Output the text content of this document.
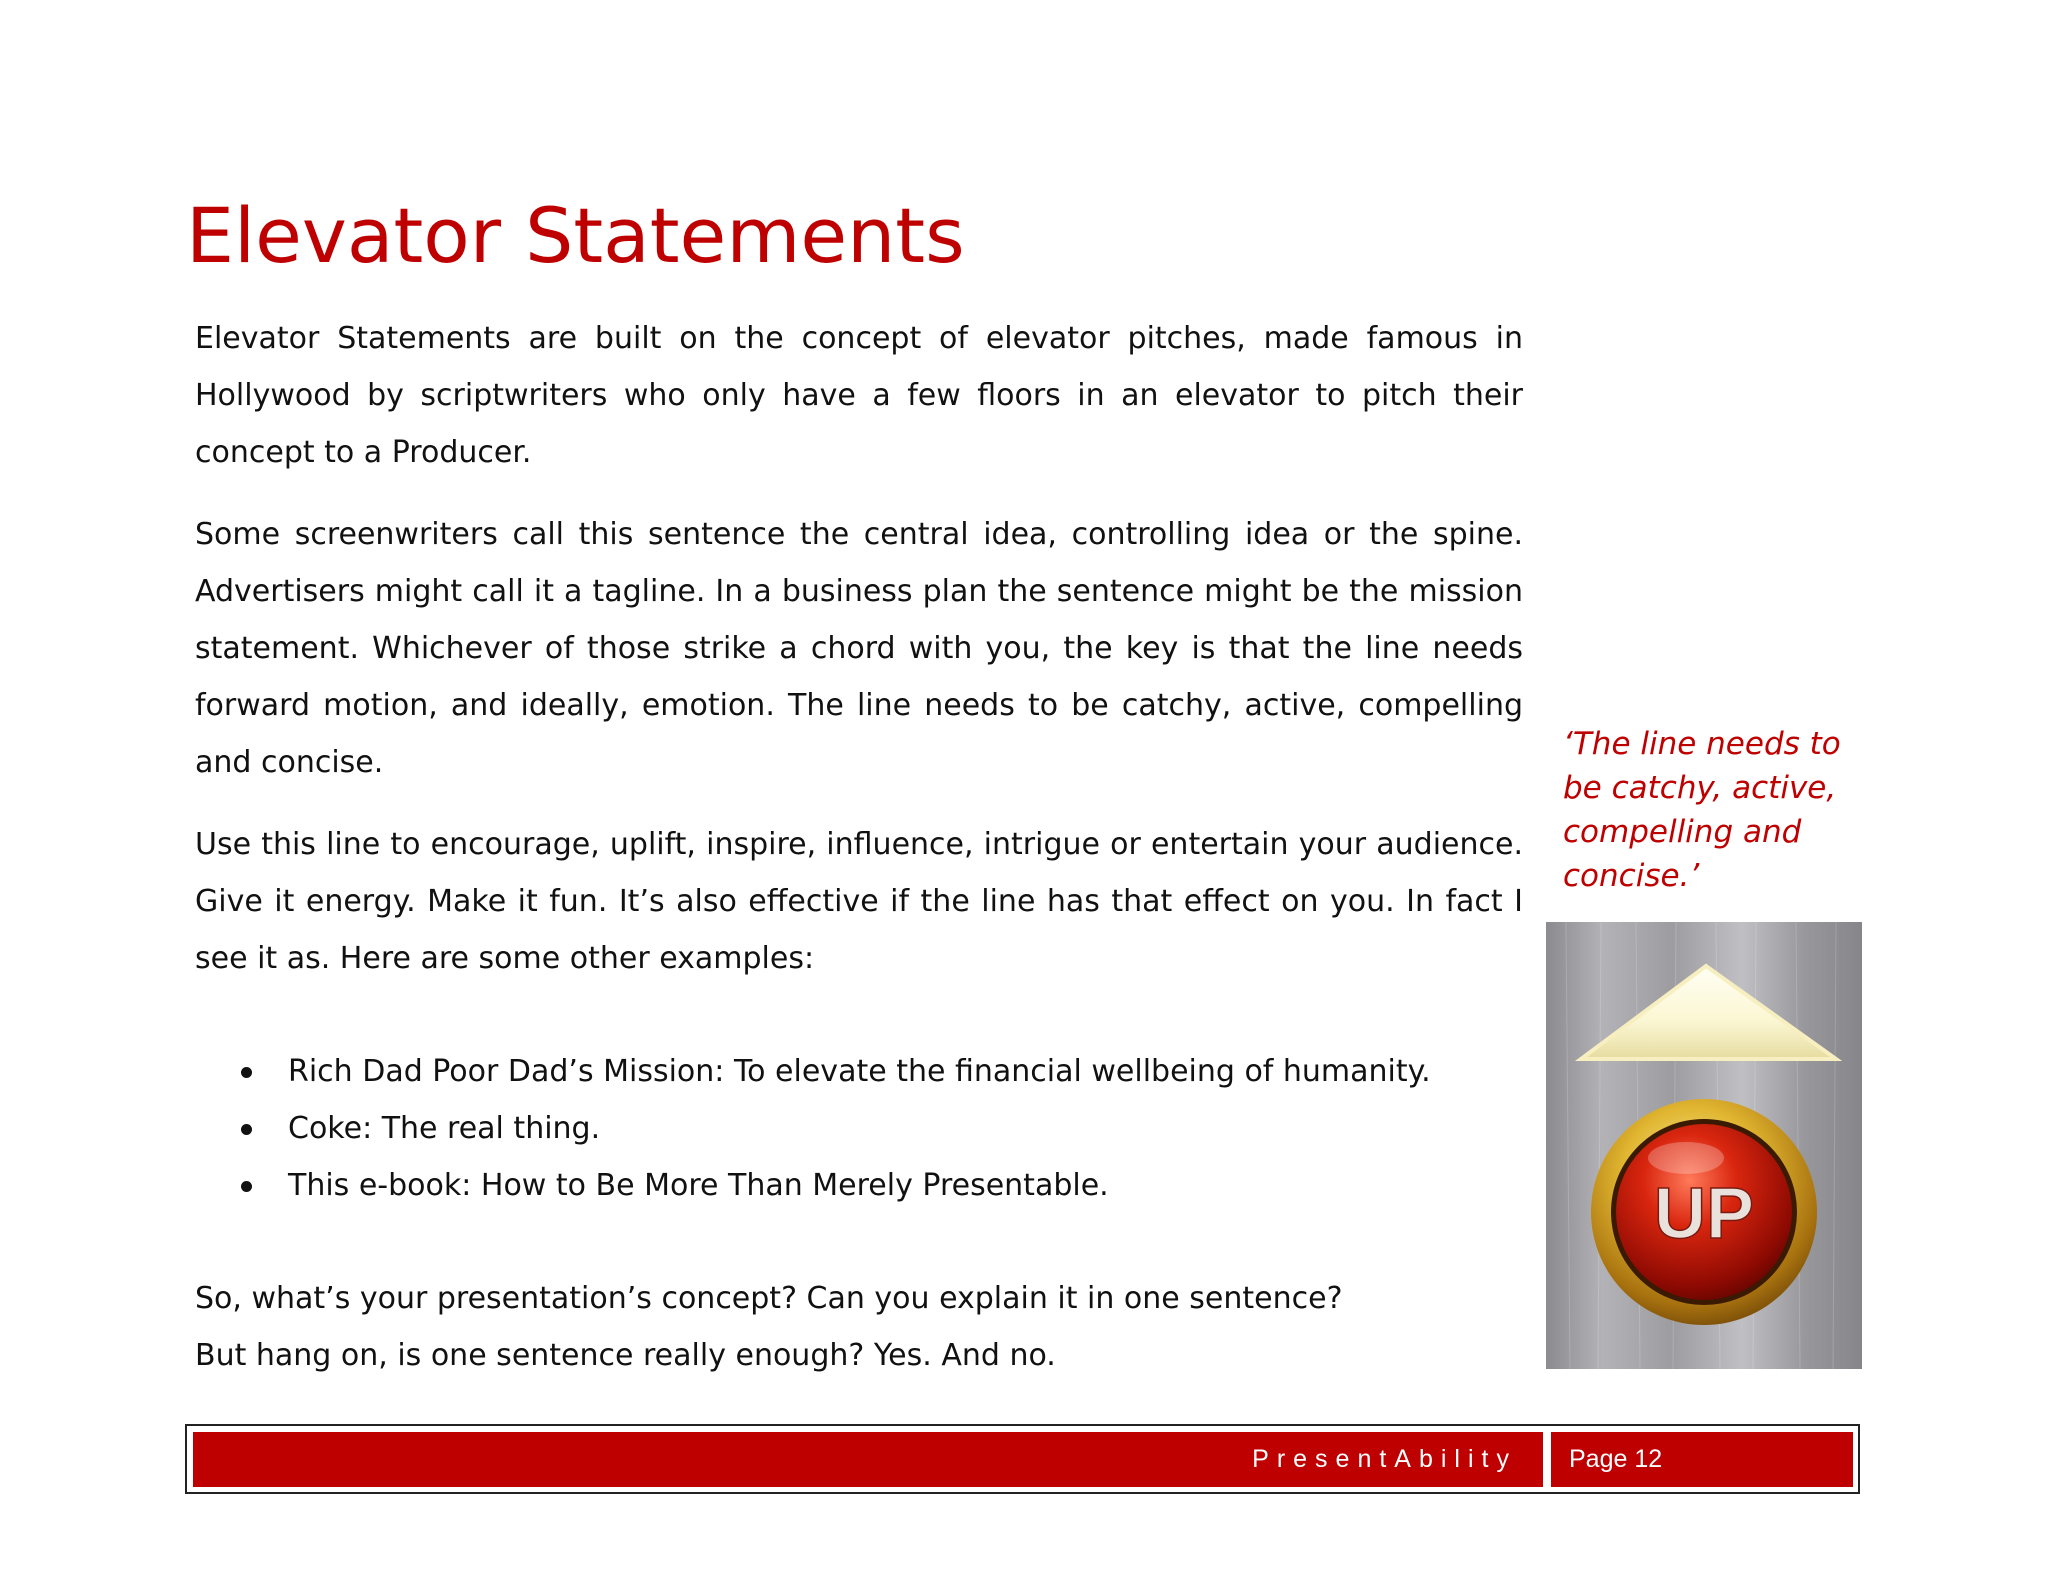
Elevator Statements

Elevator Statements are built on the concept of elevator pitches, made famous in Hollywood by scriptwriters who only have a few floors in an elevator to pitch their concept to a Producer.

Some screenwriters call this sentence the central idea, controlling idea or the spine. Advertisers might call it a tagline. In a business plan the sentence might be the mission statement. Whichever of those strike a chord with you, the key is that the line needs forward motion, and ideally, emotion. The line needs to be catchy, active, compelling and concise.

Use this line to encourage, uplift, inspire, influence, intrigue or entertain your audience. Give it energy. Make it fun. It’s also effective if the line has that effect on you. In fact I see it as. Here are some other examples:

Rich Dad Poor Dad’s Mission: To elevate the financial wellbeing of humanity.
Coke: The real thing.
This e-book: How to Be More Than Merely Presentable.

So, what’s your presentation’s concept? Can you explain it in one sentence?
But hang on, is one sentence really enough? Yes. And no.

‘The line needs to be catchy, active, compelling and concise.’

UP
PresentAbility Page 12
